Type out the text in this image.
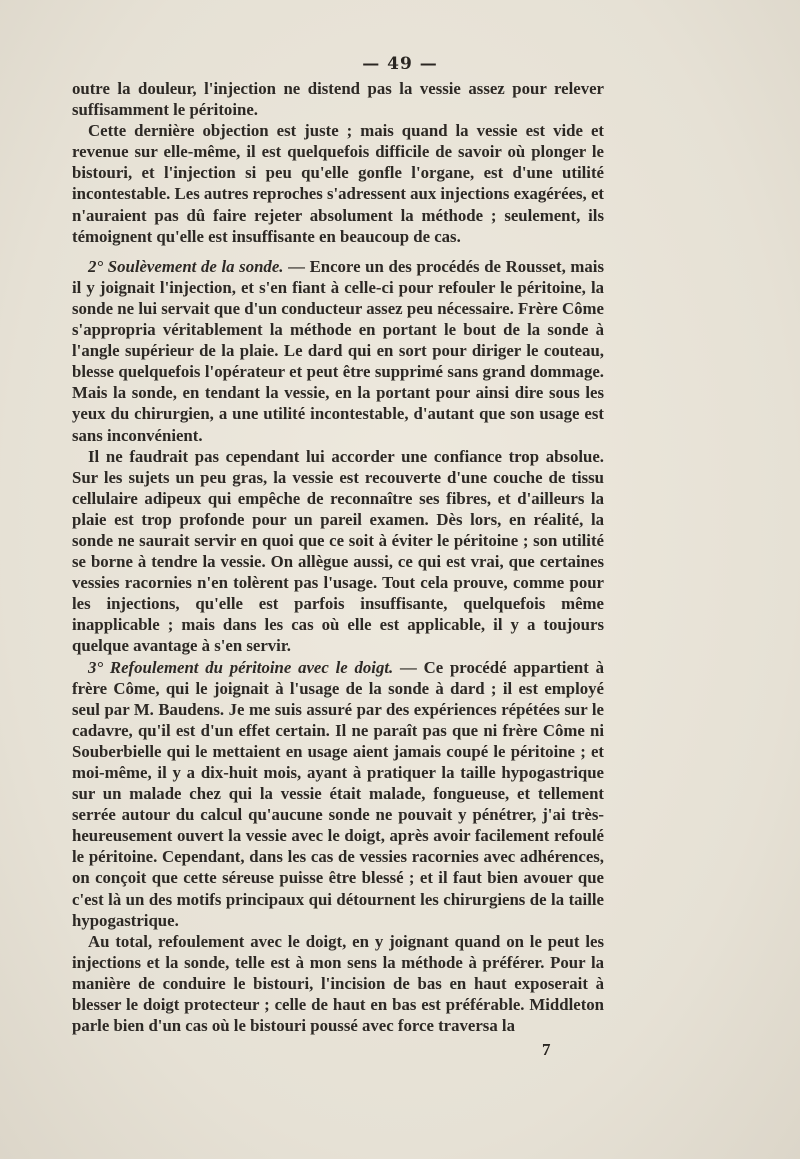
— 49 —

outre la douleur, l'injection ne distend pas la vessie assez pour relever suffisamment le péritoine.

Cette dernière objection est juste ; mais quand la vessie est vide et revenue sur elle-même, il est quelquefois difficile de savoir où plonger le bistouri, et l'injection si peu qu'elle gonfle l'organe, est d'une utilité incontestable. Les autres reproches s'adressent aux injections exagérées, et n'auraient pas dû faire rejeter absolument la méthode ; seulement, ils témoignent qu'elle est insuffisante en beaucoup de cas.

2° Soulèvement de la sonde. — Encore un des procédés de Rousset, mais il y joignait l'injection, et s'en fiant à celle-ci pour refouler le péritoine, la sonde ne lui servait que d'un conducteur assez peu nécessaire. Frère Côme s'appropria véritablement la méthode en portant le bout de la sonde à l'angle supérieur de la plaie. Le dard qui en sort pour diriger le couteau, blesse quelquefois l'opérateur et peut être supprimé sans grand dommage. Mais la sonde, en tendant la vessie, en la portant pour ainsi dire sous les yeux du chirurgien, a une utilité incontestable, d'autant que son usage est sans inconvénient.

Il ne faudrait pas cependant lui accorder une confiance trop absolue. Sur les sujets un peu gras, la vessie est recouverte d'une couche de tissu cellulaire adipeux qui empêche de reconnaître ses fibres, et d'ailleurs la plaie est trop profonde pour un pareil examen. Dès lors, en réalité, la sonde ne saurait servir en quoi que ce soit à éviter le péritoine ; son utilité se borne à tendre la vessie. On allègue aussi, ce qui est vrai, que certaines vessies racornies n'en tolèrent pas l'usage. Tout cela prouve, comme pour les injections, qu'elle est parfois insuffisante, quelquefois même inapplicable ; mais dans les cas où elle est applicable, il y a toujours quelque avantage à s'en servir.

3° Refoulement du péritoine avec le doigt. — Ce procédé appartient à frère Côme, qui le joignait à l'usage de la sonde à dard ; il est employé seul par M. Baudens. Je me suis assuré par des expériences répétées sur le cadavre, qu'il est d'un effet certain. Il ne paraît pas que ni frère Côme ni Souberbielle qui le mettaient en usage aient jamais coupé le péritoine ; et moi-même, il y a dix-huit mois, ayant à pratiquer la taille hypogastrique sur un malade chez qui la vessie était malade, fongueuse, et tellement serrée autour du calcul qu'aucune sonde ne pouvait y pénétrer, j'ai très-heureusement ouvert la vessie avec le doigt, après avoir facilement refoulé le péritoine. Cependant, dans les cas de vessies racornies avec adhérences, on conçoit que cette séreuse puisse être blessé ; et il faut bien avouer que c'est là un des motifs principaux qui détournent les chirurgiens de la taille hypogastrique.

Au total, refoulement avec le doigt, en y joignant quand on le peut les injections et la sonde, telle est à mon sens la méthode à préférer. Pour la manière de conduire le bistouri, l'incision de bas en haut exposerait à blesser le doigt protecteur ; celle de haut en bas est préférable. Middleton parle bien d'un cas où le bistouri poussé avec force traversa la

7
